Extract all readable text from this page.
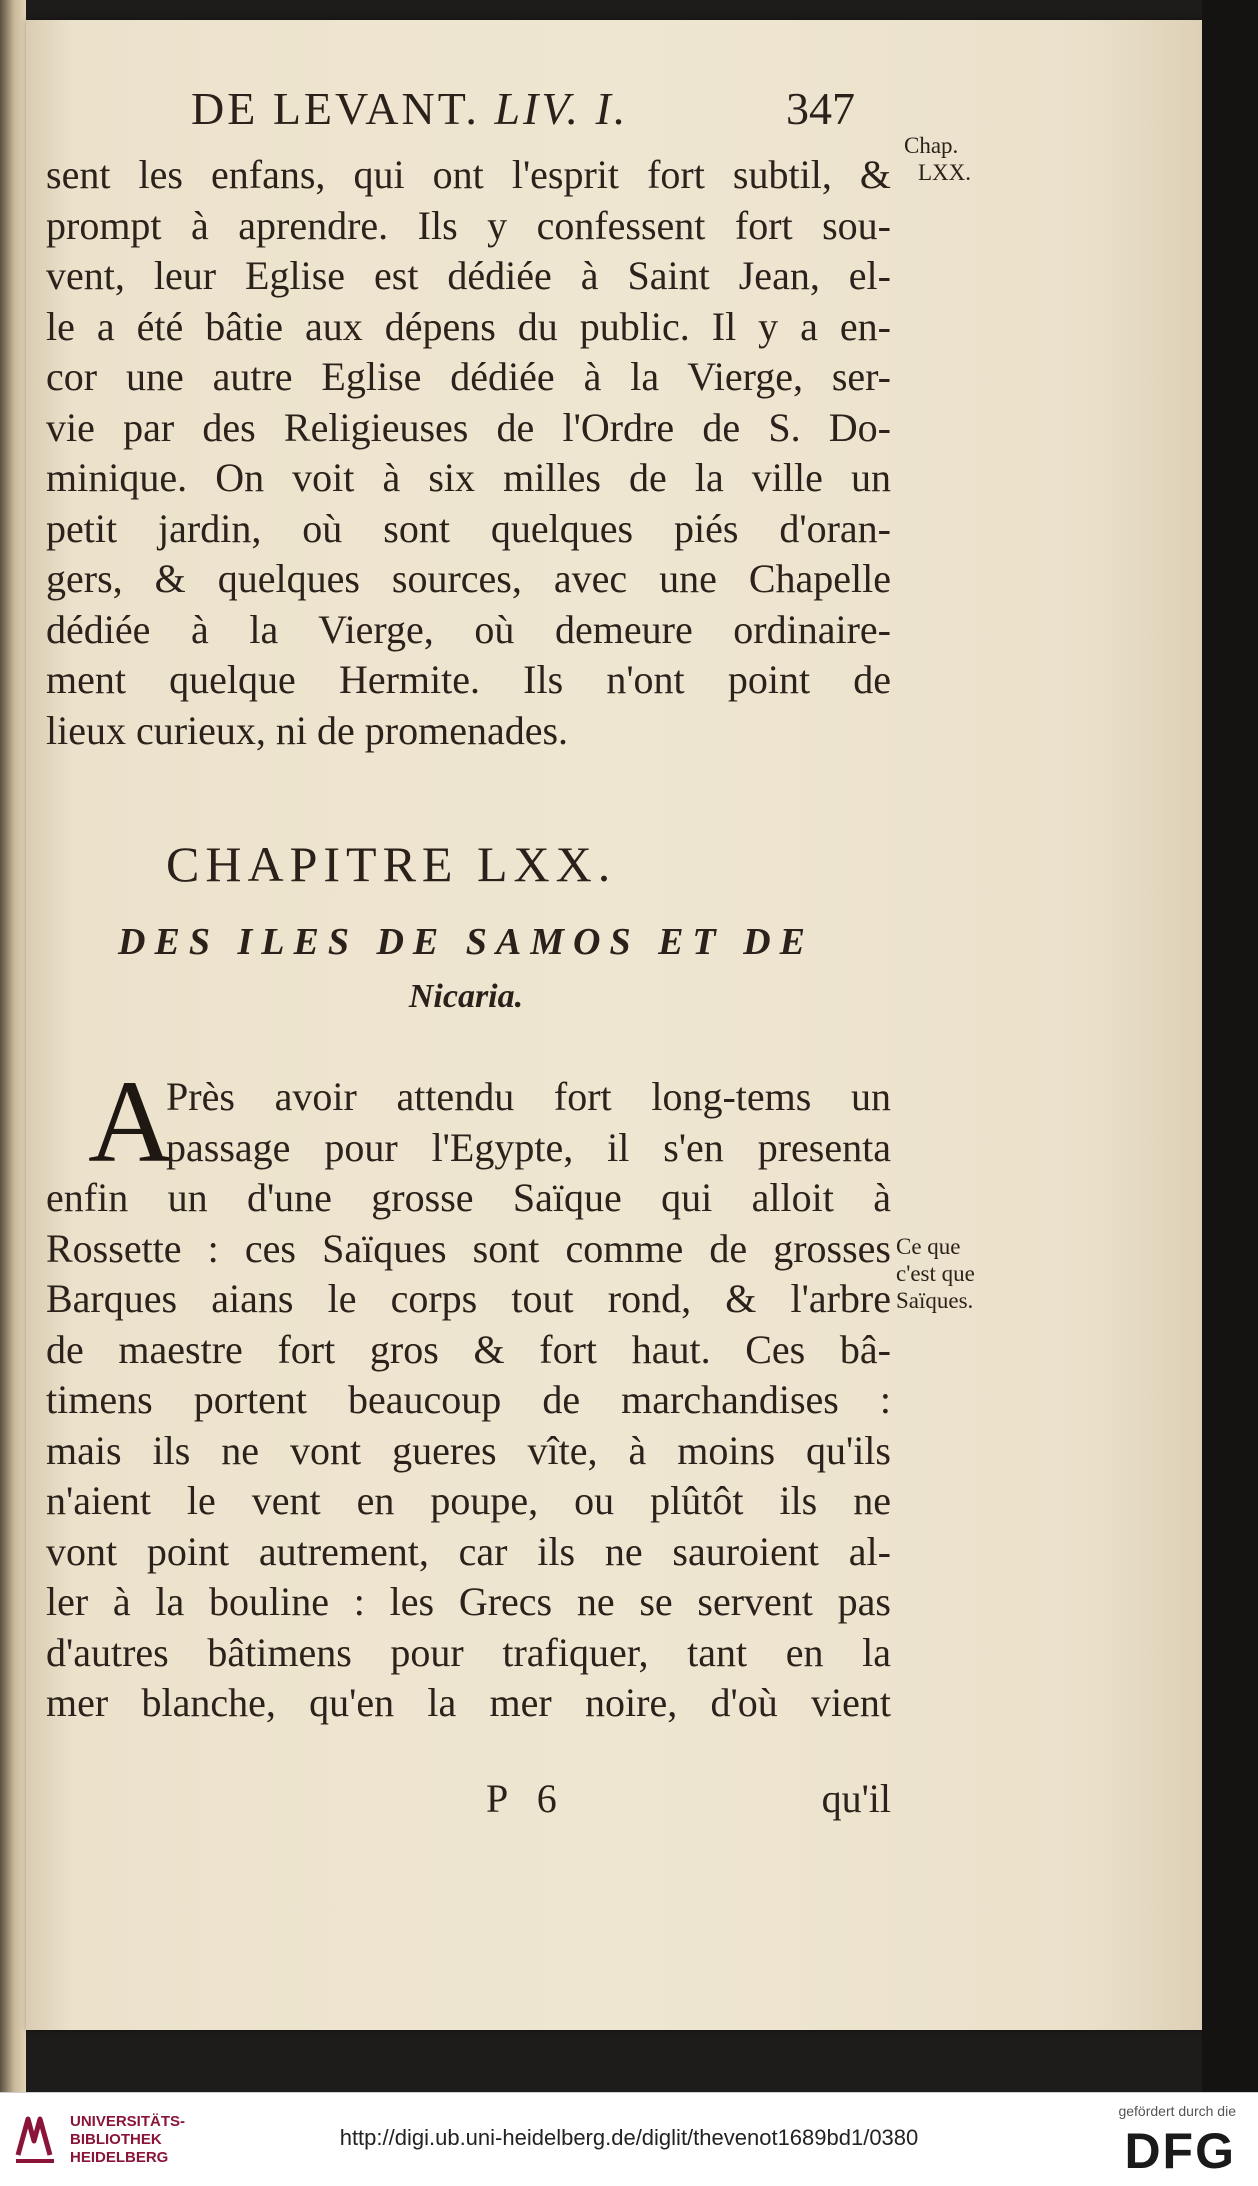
DE LEVANT. LIV. I.	347
Chap.
LXX.
sent les enfans, qui ont l'esprit fort subtil, &
prompt à aprendre. Ils y confessent fort sou-
vent, leur Eglise est dédiée à Saint Jean, el-
le a été bâtie aux dépens du public. Il y a en-
cor une autre Eglise dédiée à la Vierge, ser-
vie par des Religieuses de l'Ordre de S. Do-
minique. On voit à six milles de la ville un
petit jardin, où sont quelques piés d'oran-
gers, & quelques sources, avec une Chapelle
dédiée à la Vierge, où demeure ordinaire-
ment quelque Hermite. Ils n'ont point de
lieux curieux, ni de promenades.
CHAPITRE LXX.
DES ILES DE SAMOS ET DE
Nicaria.
A
Près avoir attendu fort long-tems un
passage pour l'Egypte, il s'en presenta
enfin un d'une grosse Saïque qui alloit à
Rossette : ces Saïques sont comme de grosses
Barques aians le corps tout rond, & l'arbre
de maestre fort gros & fort haut. Ces bâ-
timens portent beaucoup de marchandises :
mais ils ne vont gueres vîte, à moins qu'ils
n'aient le vent en poupe, ou plûtôt ils ne
vont point autrement, car ils ne sauroient al-
ler à la bouline : les Grecs ne se servent pas
d'autres bâtimens pour trafiquer, tant en la
mer blanche, qu'en la mer noire, d'où vient
Ce que
c'est que
Saïques.
P 6	qu'il
UNIVERSITÄTS-
BIBLIOTHEK
HEIDELBERG
http://digi.ub.uni-heidelberg.de/diglit/thevenot1689bd1/0380
gefördert durch die
DFG
